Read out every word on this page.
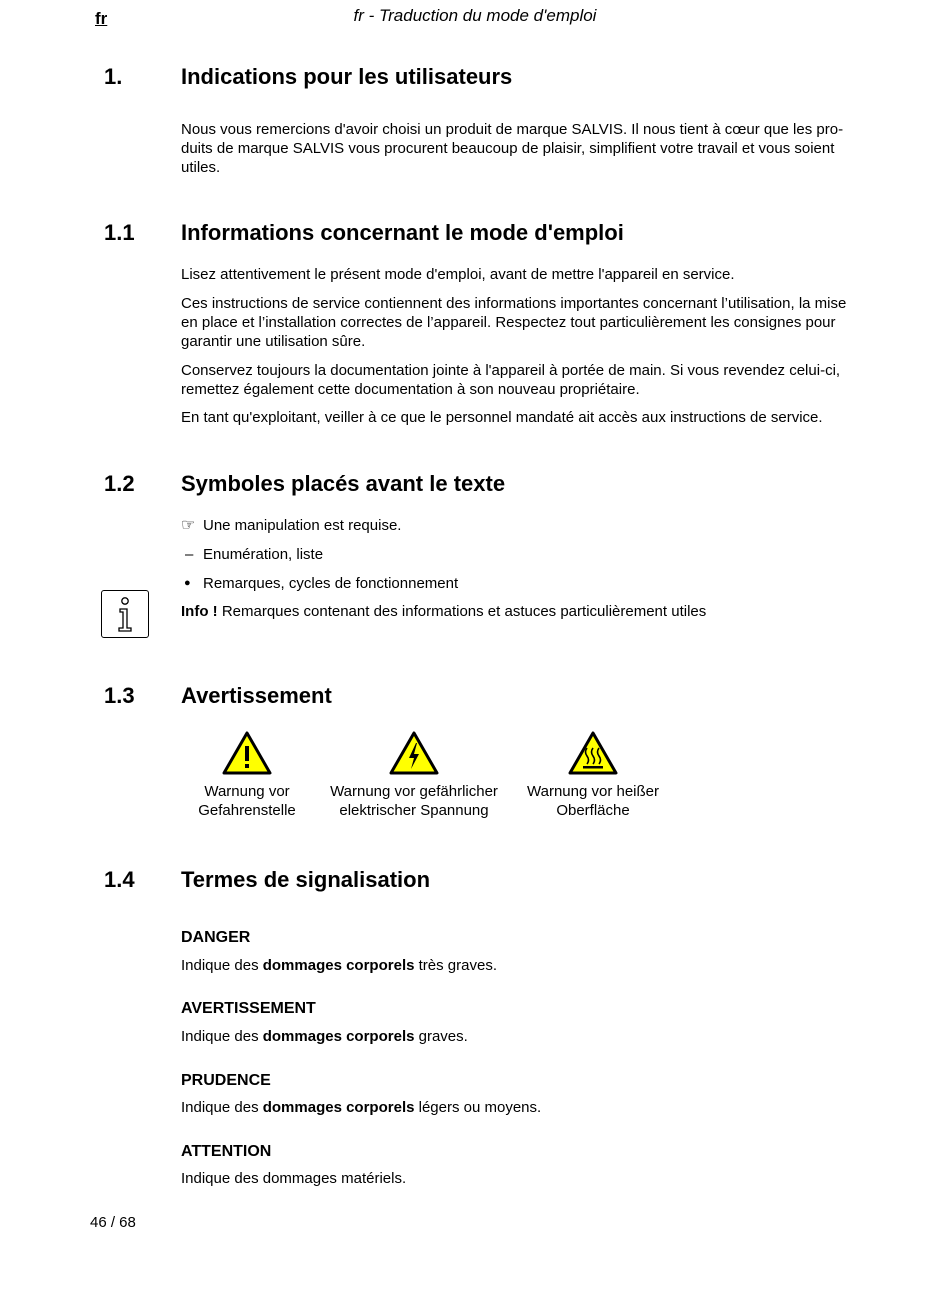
fr	fr - Traduction du mode d'emploi
1.	Indications pour les utilisateurs
Nous vous remercions d'avoir choisi un produit de marque SALVIS. Il nous tient à cœur que les pro-duits de marque SALVIS vous procurent beaucoup de plaisir, simplifient votre travail et vous soient utiles.
1.1 Informations concernant le mode d'emploi
Lisez attentivement le présent mode d'emploi, avant de mettre l'appareil en service.
Ces instructions de service contiennent des informations importantes concernant l’utilisation, la mise en place et l’installation correctes de l’appareil. Respectez tout particulièrement les consignes pour garantir une utilisation sûre.
Conservez toujours la documentation jointe à l'appareil à portée de main. Si vous revendez celui-ci, remettez également cette documentation à son nouveau propriétaire.
En tant qu'exploitant, veiller à ce que le personnel mandaté ait accès aux instructions de service.
1.2 Symboles placés avant le texte
☞ Une manipulation est requise.
– Enumération, liste
● Remarques, cycles de fonctionnement
Info ! Remarques contenant des informations et astuces particulièrement utiles
1.3 Avertissement
Warnung vor
Gefahrenstelle
Warnung vor gefährlicher
elektrischer Spannung
Warnung vor heißer
Oberfläche
1.4 Termes de signalisation
DANGER
Indique des dommages corporels très graves.
AVERTISSEMENT
Indique des dommages corporels graves.
PRUDENCE
Indique des dommages corporels légers ou moyens.
ATTENTION
Indique des dommages matériels.
46 / 68
